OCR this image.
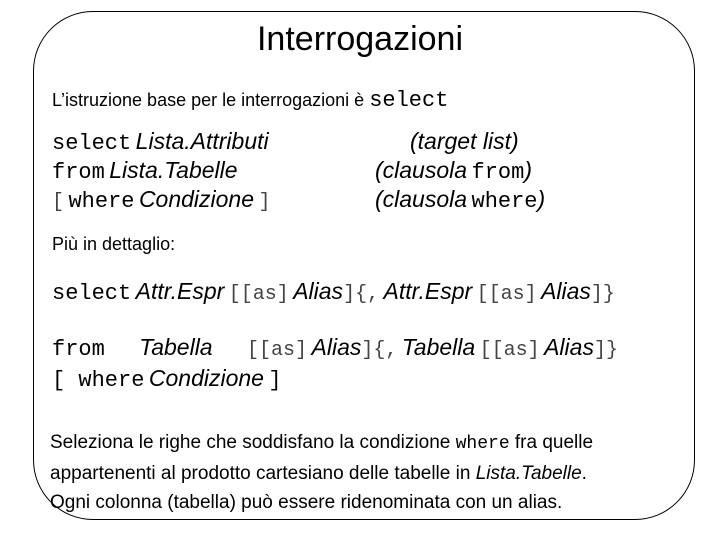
Interrogazioni
L’istruzione base per le interrogazioni è select
select Lista.Attributi
from Lista.Tabelle
[ where Condizione ]
(target list)
(clausola from)
(clausola where)
Più in dettaglio:
select Attr.Espr [[as] Alias]{, Attr.Espr [[as] Alias]}
from Tabella [[as] Alias]{, Tabella [[as] Alias]}
[ where Condizione ]

Seleziona le righe che soddisfano la condizione where fra quelle

appartenenti al prodotto cartesiano delle tabelle in Lista.Tabelle.

Ogni colonna (tabella) può essere ridenominata con un alias.
